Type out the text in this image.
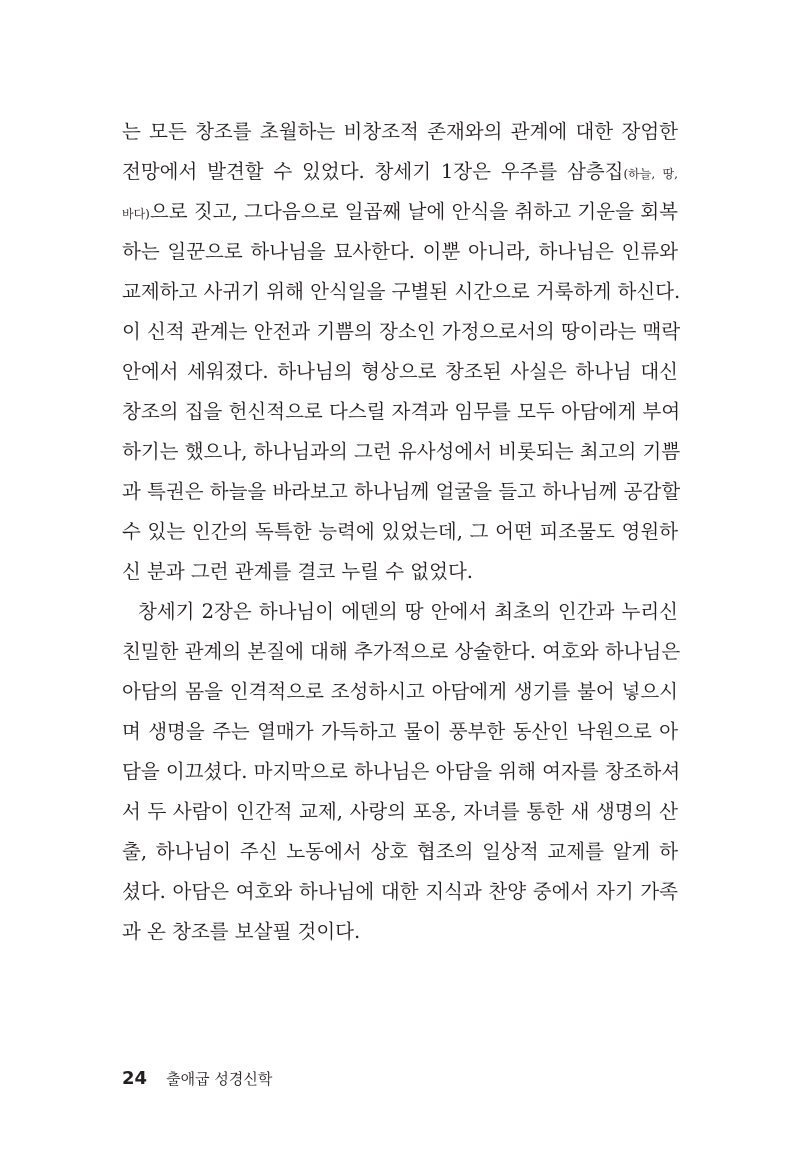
는 모든 창조를 초월하는 비창조적 존재와의 관계에 대한 장엄한
전망에서 발견할 수 있었다. 창세기 1장은 우주를 삼층집(하늘, 땅,
바다)으로 짓고, 그다음으로 일곱째 날에 안식을 취하고 기운을 회복
하는 일꾼으로 하나님을 묘사한다. 이뿐 아니라, 하나님은 인류와
교제하고 사귀기 위해 안식일을 구별된 시간으로 거룩하게 하신다.
이 신적 관계는 안전과 기쁨의 장소인 가정으로서의 땅이라는 맥락
안에서 세워졌다. 하나님의 형상으로 창조된 사실은 하나님 대신
창조의 집을 헌신적으로 다스릴 자격과 임무를 모두 아담에게 부여
하기는 했으나, 하나님과의 그런 유사성에서 비롯되는 최고의 기쁨
과 특권은 하늘을 바라보고 하나님께 얼굴을 들고 하나님께 공감할
수 있는 인간의 독특한 능력에 있었는데, 그 어떤 피조물도 영원하
신 분과 그런 관계를 결코 누릴 수 없었다.
창세기 2장은 하나님이 에덴의 땅 안에서 최초의 인간과 누리신
친밀한 관계의 본질에 대해 추가적으로 상술한다. 여호와 하나님은
아담의 몸을 인격적으로 조성하시고 아담에게 생기를 불어 넣으시
며 생명을 주는 열매가 가득하고 물이 풍부한 동산인 낙원으로 아
담을 이끄셨다. 마지막으로 하나님은 아담을 위해 여자를 창조하셔
서 두 사람이 인간적 교제, 사랑의 포옹, 자녀를 통한 새 생명의 산
출, 하나님이 주신 노동에서 상호 협조의 일상적 교제를 알게 하
셨다. 아담은 여호와 하나님에 대한 지식과 찬양 중에서 자기 가족
과 온 창조를 보살필 것이다.
24 출애굽 성경신학
